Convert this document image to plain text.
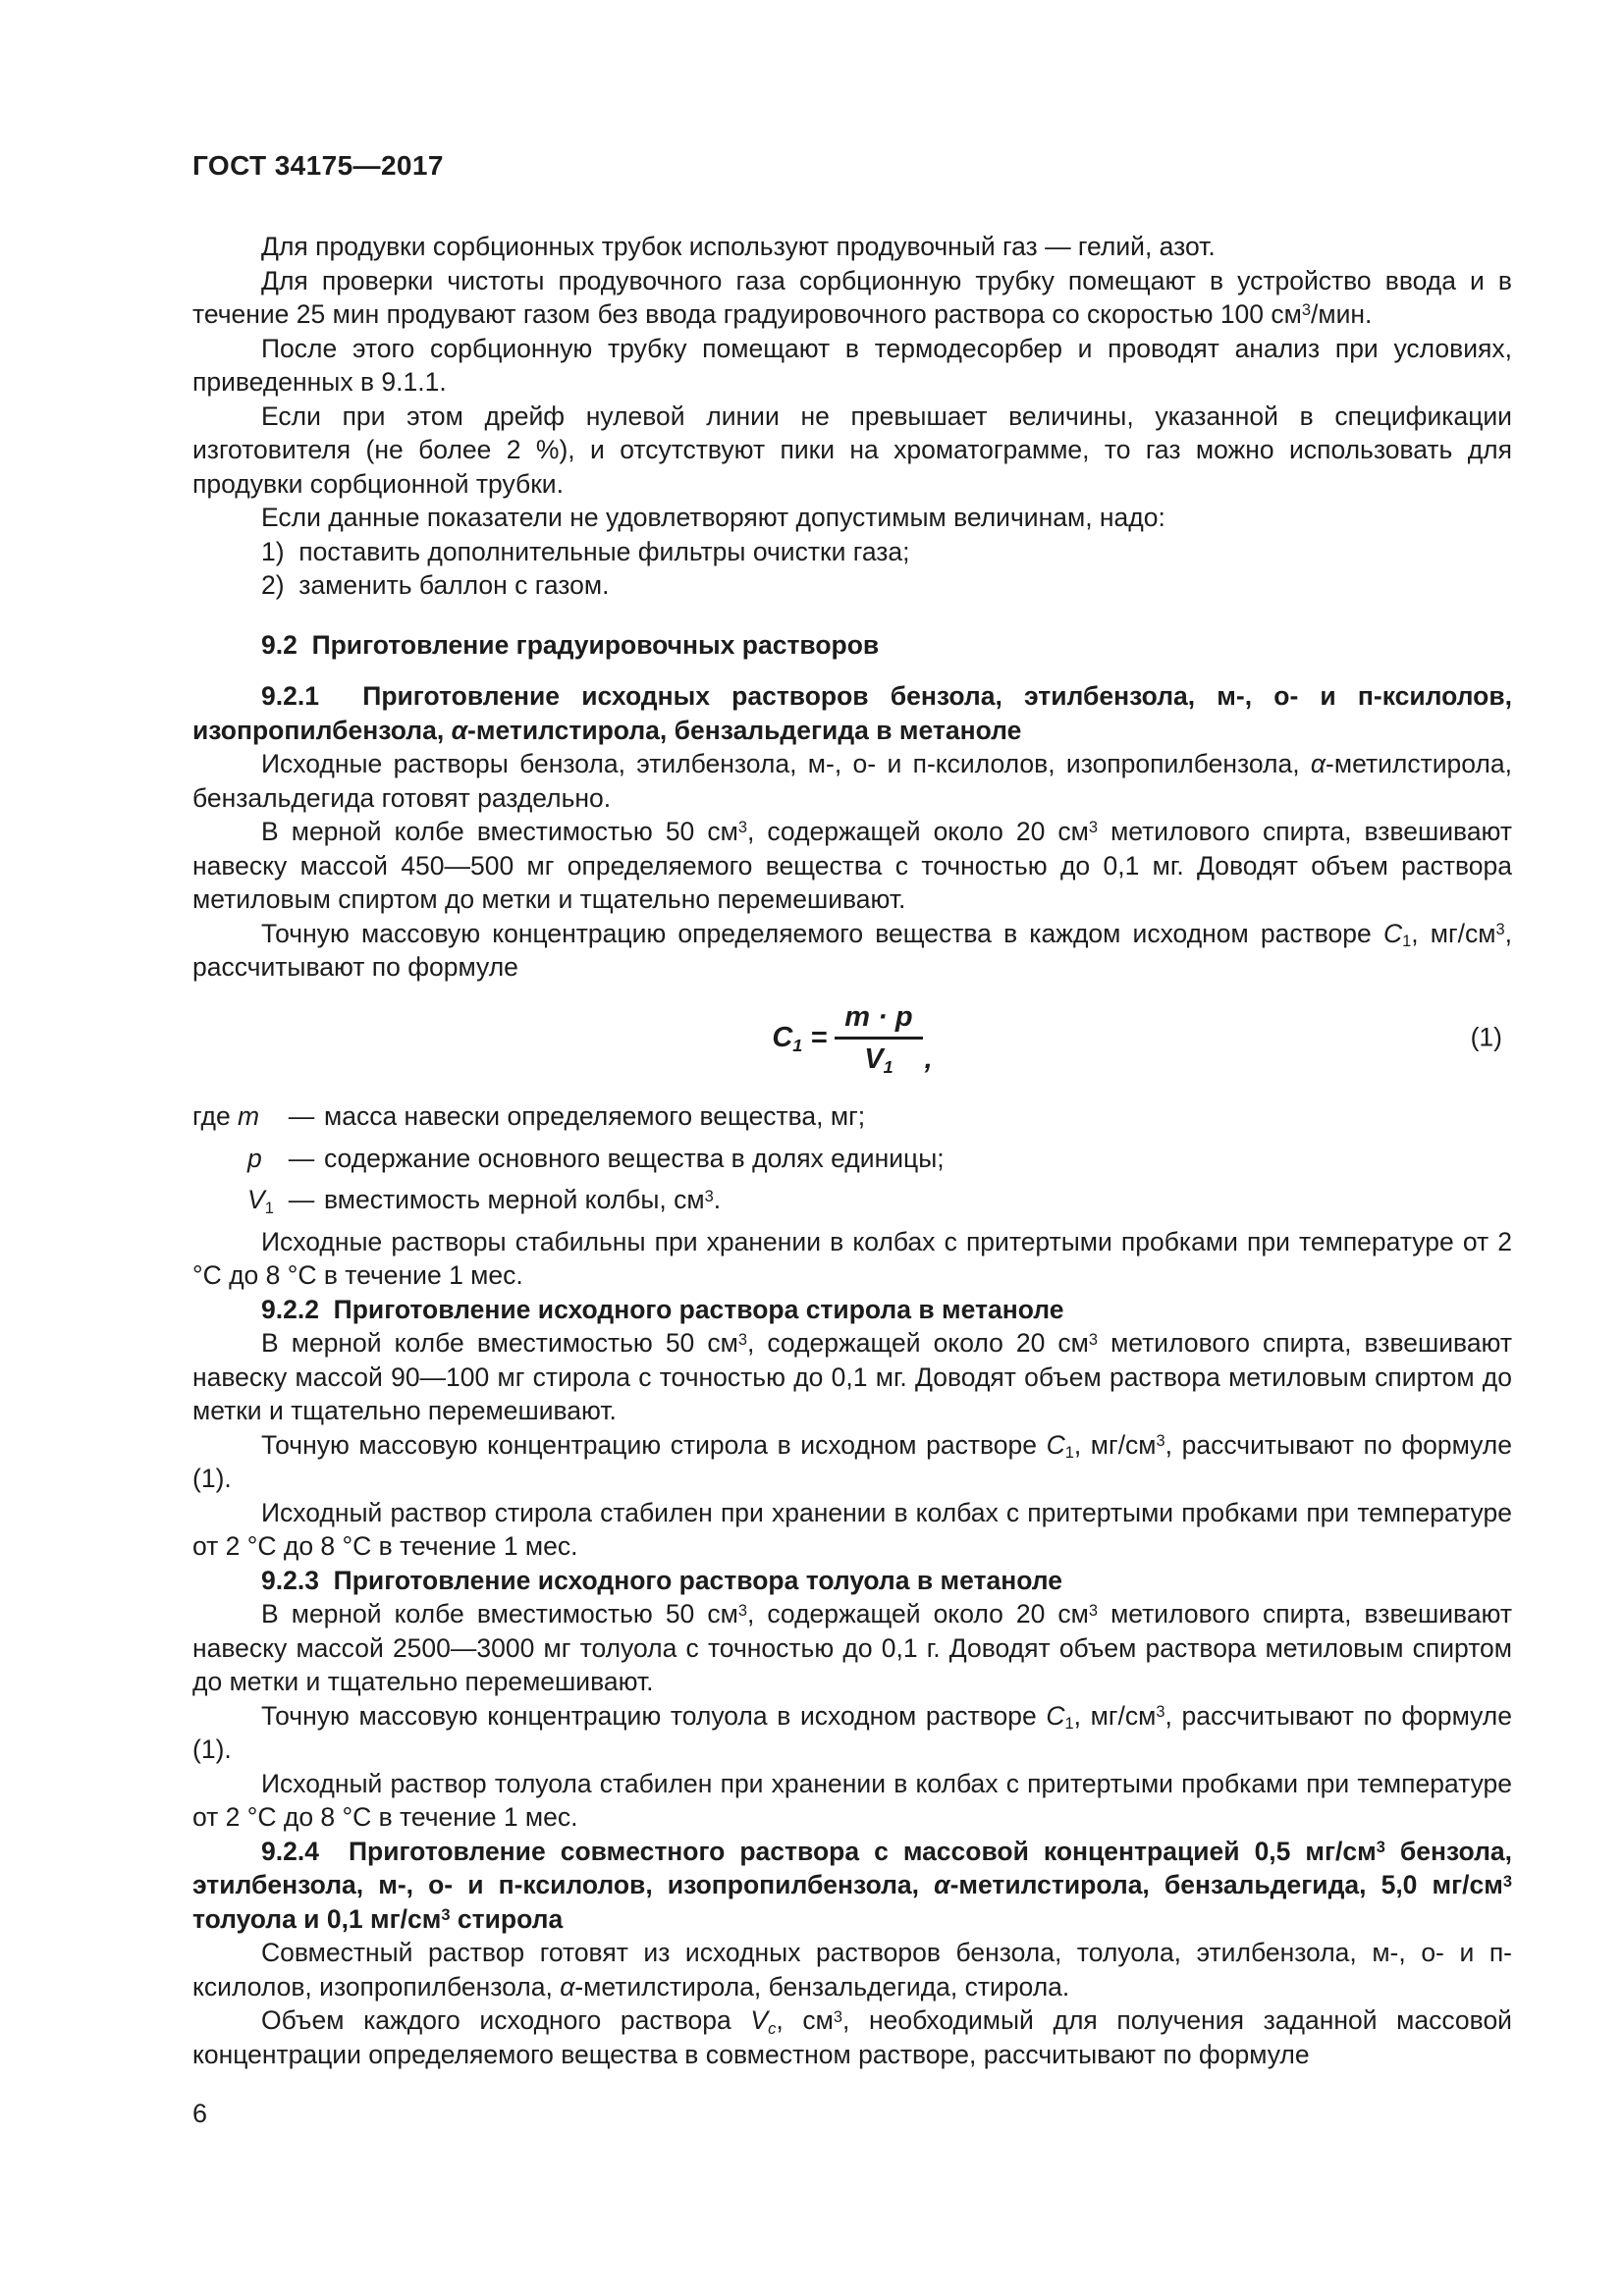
ГОСТ 34175—2017
Для продувки сорбционных трубок используют продувочный газ — гелий, азот.
Для проверки чистоты продувочного газа сорбционную трубку помещают в устройство ввода и в течение 25 мин продувают газом без ввода градуировочного раствора со скоростью 100 $см^3$/мин.
После этого сорбционную трубку помещают в термодесорбер и проводят анализ при условиях, приведенных в 9.1.1.
Если при этом дрейф нулевой линии не превышает величины, указанной в спецификации изготовителя (не более 2 %), и отсутствуют пики на хроматограмме, то газ можно использовать для продувки сорбционной трубки.
Если данные показатели не удовлетворяют допустимым величинам, надо:
1)  поставить дополнительные фильтры очистки газа;
2)  заменить баллон с газом.
9.2  Приготовление градуировочных растворов
9.2.1  Приготовление исходных растворов бензола, этилбензола, м-, о- и п-ксилолов, изопропилбензола, α-метилстирола, бензальдегида в метаноле
Исходные растворы бензола, этилбензола, м-, о- и п-ксилолов, изопропилбензола, α-метилстирола, бензальдегида готовят раздельно.
В мерной колбе вместимостью 50 $см^3$, содержащей около 20 $см^3$ метилового спирта, взвешивают навеску массой 450—500 мг определяемого вещества с точностью до 0,1 мг. Доводят объем раствора метиловым спиртом до метки и тщательно перемешивают.
Точную массовую концентрацию определяемого вещества в каждом исходном растворе C1, $мг/см^3$, рассчитывают по формуле
$C1 = \frac{m \cdot p}{V1}$ ,
(1)
где m	— масса навески определяемого вещества, мг;
p	— содержание основного вещества в долях единицы;
V1 — вместимость мерной колбы, $см^3$.
Исходные растворы стабильны при хранении в колбах с притертыми пробками при температуре от 2 °С до 8 °С в течение 1 мес.
9.2.2  Приготовление исходного раствора стирола в метаноле
В мерной колбе вместимостью 50 $см^3$, содержащей около 20 $см^3$ метилового спирта, взвешивают навеску массой 90—100 мг стирола с точностью до 0,1 мг. Доводят объем раствора метиловым спиртом до метки и тщательно перемешивают.
Точную массовую концентрацию стирола в исходном растворе C1, $мг/см^3$, рассчитывают по формуле (1).
Исходный раствор стирола стабилен при хранении в колбах с притертыми пробками при температуре от 2 °С до 8 °С в течение 1 мес.
9.2.3  Приготовление исходного раствора толуола в метаноле
В мерной колбе вместимостью 50 $см^3$, содержащей около 20 $см^3$ метилового спирта, взвешивают навеску массой 2500—3000 мг толуола с точностью до 0,1 г. Доводят объем раствора метиловым спиртом до метки и тщательно перемешивают.
Точную массовую концентрацию толуола в исходном растворе C1, $мг/см^3$, рассчитывают по формуле (1).
Исходный раствор толуола стабилен при хранении в колбах с притертыми пробками при температуре от 2 °С до 8 °С в течение 1 мес.
9.2.4  Приготовление совместного раствора с массовой концентрацией 0,5 $мг/см^3$ бензола, этилбензола, м-, о- и п-ксилолов, изопропилбензола, α-метилстирола, бензальдегида, 5,0 $мг/см^3$ толуола и 0,1 $мг/см^3$ стирола
Совместный раствор готовят из исходных растворов бензола, толуола, этилбензола, м-, о- и п-ксилолов, изопропилбензола, α-метилстирола, бензальдегида, стирола.
Объем каждого исходного раствора Vc, $см^3$, необходимый для получения заданной массовой концентрации определяемого вещества в совместном растворе, рассчитывают по формуле
6
